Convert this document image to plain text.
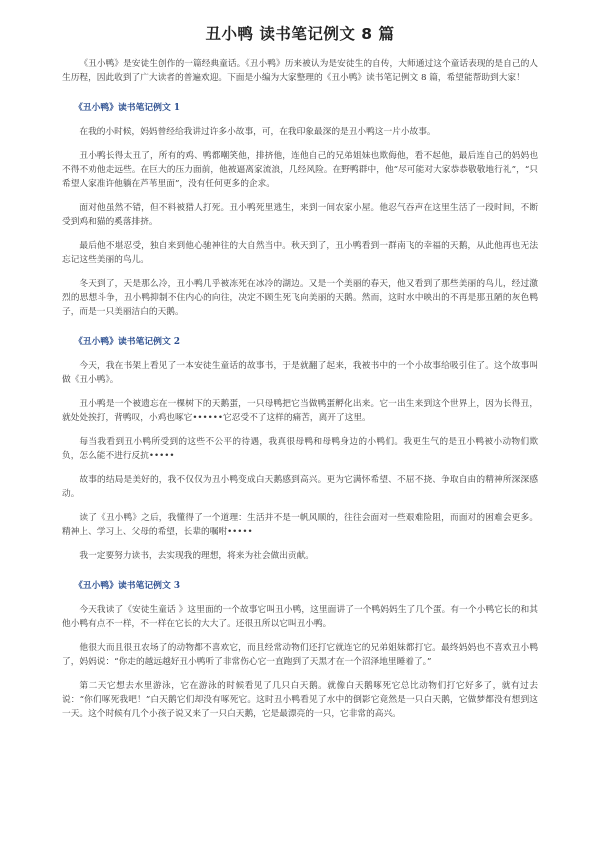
丑小鸭 读书笔记例文 8 篇

《丑小鸭》是安徒生创作的一篇经典童话。《丑小鸭》历来被认为是安徒生的自传，大师通过这个童话表现的是自己的人生历程，因此收到了广大读者的普遍欢迎。下面是小编为大家整理的《丑小鸭》读书笔记例文 8 篇，希望能帮助到大家！

《丑小鸭》读书笔记例文 1

在我的小时候，妈妈曾经给我讲过许多小故事，可，在我印象最深的是丑小鸭这一片小故事。

丑小鸭长得太丑了，所有的鸡、鸭都嘲笑他，排挤他，连他自己的兄弟姐妹也欺侮他，看不起他，最后连自己的妈妈也不得不劝他走远些。在巨大的压力面前，他被逼离家流浪，几经风险。在野鸭群中，他“尽可能对大家恭恭敬敬地行礼”，“只希望人家准许他躺在芦苇里面”，没有任何更多的企求。

面对他虽然不错，但不料被猎人打死。丑小鸭死里逃生，来到一间农家小屋。他忍气吞声在这里生活了一段时间，不断受到鸡和猫的奚落排挤。

最后他不堪忍受，独自来到他心驰神往的大自然当中。秋天到了，丑小鸭看到一群南飞的幸福的天鹅，从此他再也无法忘记这些美丽的鸟儿。

冬天到了，天是那么冷，丑小鸭几乎被冻死在冰冷的湖边。又是一个美丽的春天，他又看到了那些美丽的鸟儿，经过激烈的思想斗争，丑小鸭抑制不住内心的向往，决定不顾生死飞向美丽的天鹅。然而，这时水中映出的不再是那丑陋的灰色鸭子，而是一只美丽洁白的天鹅。

《丑小鸭》读书笔记例文 2

今天，我在书架上看见了一本安徒生童话的故事书，于是就翻了起来，我被书中的一个小故事给吸引住了。这个故事叫做《丑小鸭》。

丑小鸭是一个被遗忘在一棵树下的天鹅蛋，一只母鸭把它当做鸭蛋孵化出来。它一出生来到这个世界上，因为长得丑，就处处挨打，背鸭叹，小鸡也啄它••••••它忍受不了这样的痛苦，离开了这里。

每当我看到丑小鸭所受到的这些不公平的待遇，我真很母鸭和母鸭身边的小鸭们。我更生气的是丑小鸭被小动物们欺负，怎么能不进行反抗•••••

故事的结局是美好的，我不仅仅为丑小鸭变成白天鹅感到高兴。更为它满怀希望、不屈不挠、争取自由的精神所深深感动。

读了《丑小鸭》之后，我懂得了一个道理：生活并不是一帆风顺的，往往会面对一些艰难险阻，而面对的困难会更多。精神上、学习上、父母的希望，长辈的嘱咐•••••

我一定要努力读书，去实现我的理想，将来为社会做出贡献。

《丑小鸭》读书笔记例文 3

今天我读了《安徒生童话 》这里面的一个故事它叫丑小鸭，这里面讲了一个鸭妈妈生了几个蛋。有一个小鸭它长的和其他小鸭有点不一样，不一样在它长的大大了。还很丑所以它叫丑小鸭。

他很大而且很丑农场了的动物都不喜欢它，而且经常动物们还打它就连它的兄弟姐妹都打它。最终妈妈也不喜欢丑小鸭了，妈妈说：“你走的越远越好丑小鸭听了非常伤心它一直跑到了天黑才在一个沼泽地里睡着了。”

第二天它想去水里游泳，它在游泳的时候看见了几只白天鹅。就像白天鹅啄死它总比动物们打它好多了，就有过去说：“你们啄死我吧！”白天鹅它们却没有啄死它。这时丑小鸭看见了水中的倒影它竟然是一只白天鹅，它做梦都没有想到这一天。这个时候有几个小孩子说又来了一只白天鹅，它是最漂亮的一只，它非常的高兴。
